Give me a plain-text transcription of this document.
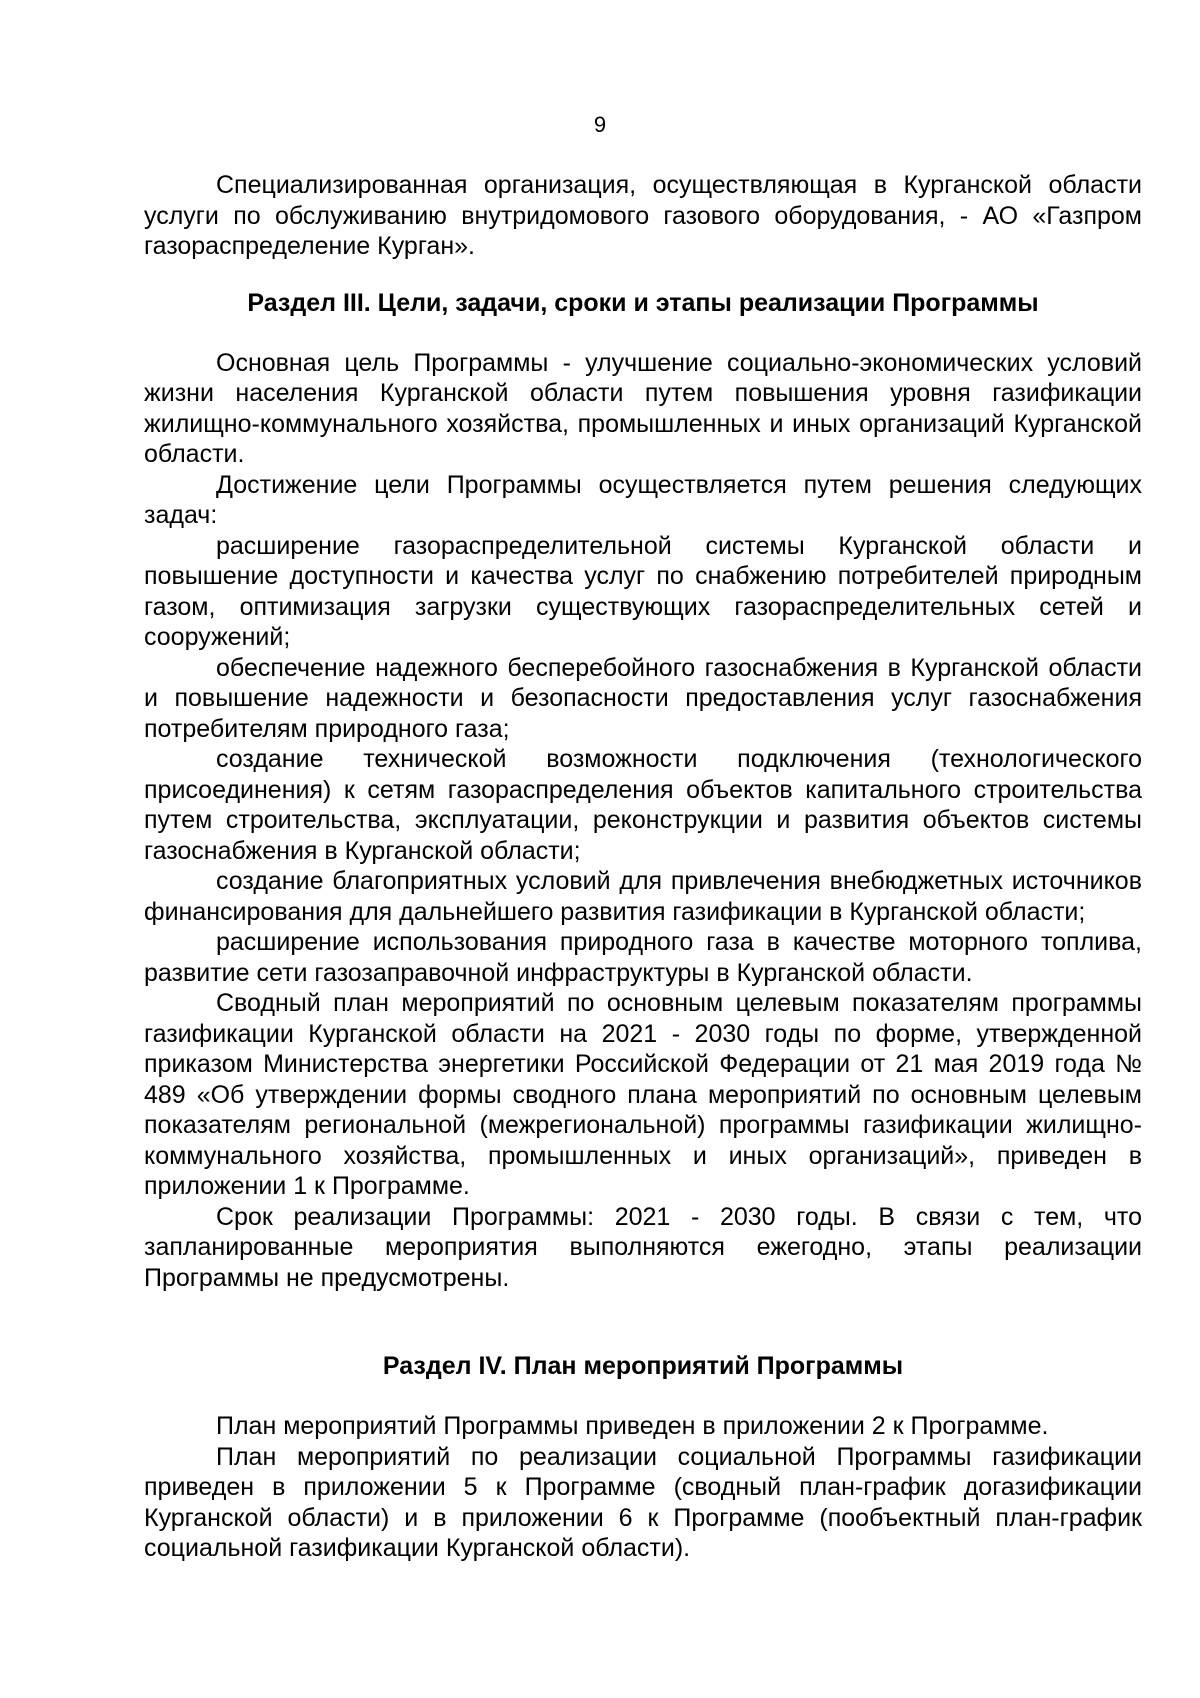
9

Специализированная организация, осуществляющая в Курганской области услуги по обслуживанию внутридомового газового оборудования, - АО «Газпром газораспределение Курган».

Раздел III. Цели, задачи, сроки и этапы реализации Программы

Основная цель Программы - улучшение социально-экономических условий жизни населения Курганской области путем повышения уровня газификации жилищно-коммунального хозяйства, промышленных и иных организаций Курганской области.

Достижение цели Программы осуществляется путем решения следующих задач:

расширение газораспределительной системы Курганской области и повышение доступности и качества услуг по снабжению потребителей природным газом, оптимизация загрузки существующих газораспределительных сетей и сооружений;

обеспечение надежного бесперебойного газоснабжения в Курганской области и повышение надежности и безопасности предоставления услуг газоснабжения потребителям природного газа;

создание технической возможности подключения (технологического присоединения) к сетям газораспределения объектов капитального строительства путем строительства, эксплуатации, реконструкции и развития объектов системы газоснабжения в Курганской области;

создание благоприятных условий для привлечения внебюджетных источников финансирования для дальнейшего развития газификации в Курганской области;

расширение использования природного газа в качестве моторного топлива, развитие сети газозаправочной инфраструктуры в Курганской области.

Сводный план мероприятий по основным целевым показателям программы газификации Курганской области на 2021 - 2030 годы по форме, утвержденной приказом Министерства энергетики Российской Федерации от 21 мая 2019 года № 489 «Об утверждении формы сводного плана мероприятий по основным целевым показателям региональной (межрегиональной) программы газификации жилищно-коммунального хозяйства, промышленных и иных организаций», приведен в приложении 1 к Программе.

Срок реализации Программы: 2021 - 2030 годы. В связи с тем, что запланированные мероприятия выполняются ежегодно, этапы реализации Программы не предусмотрены.

Раздел IV. План мероприятий Программы

План мероприятий Программы приведен в приложении 2 к Программе.

План мероприятий по реализации социальной Программы газификации приведен в приложении 5 к Программе (сводный план-график догазификации Курганской области) и в приложении 6 к Программе (пообъектный план-график социальной газификации Курганской области).
